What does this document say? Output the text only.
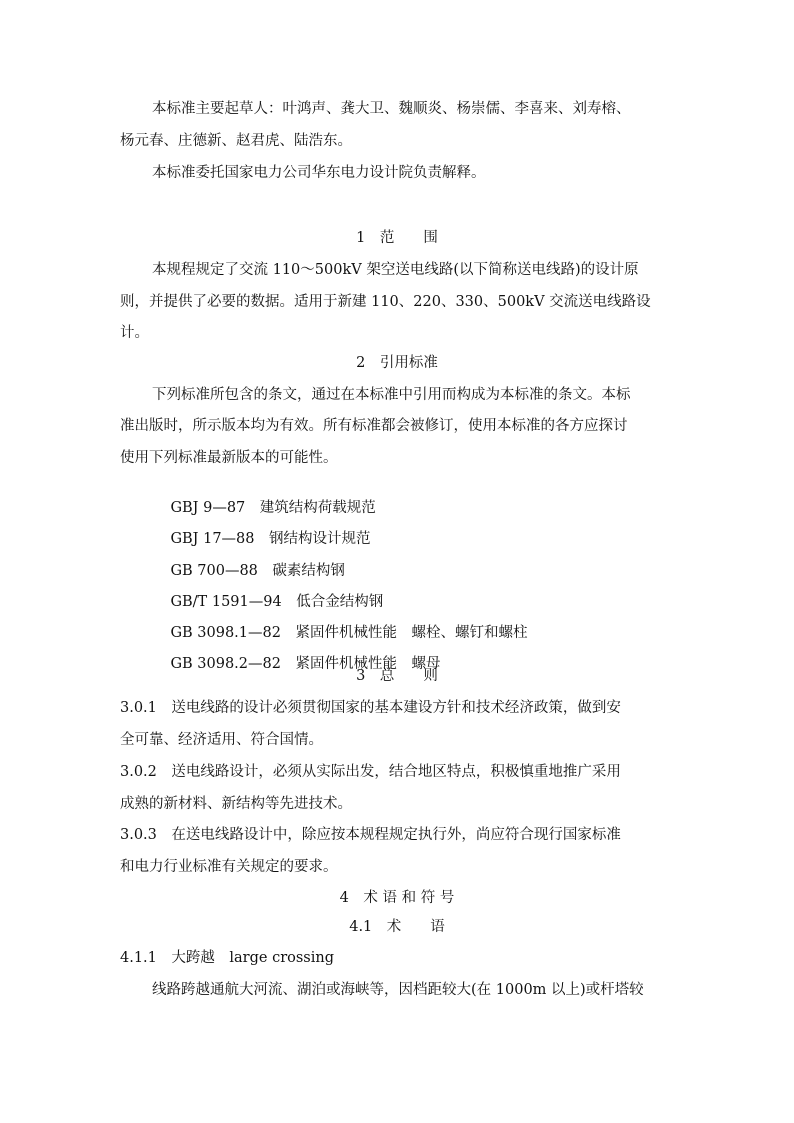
本标准主要起草人：叶鸿声、龚大卫、魏顺炎、杨崇儒、李喜来、刘寿榕、
杨元春、庄德新、赵君虎、陆浩东。
本标准委托国家电力公司华东电力设计院负责解释。
1　范　　围
本规程规定了交流 110～500kV 架空送电线路(以下简称送电线路)的设计原
则，并提供了必要的数据。适用于新建 110、220、330、500kV 交流送电线路设
计。
2　引用标准
下列标准所包含的条文，通过在本标准中引用而构成为本标准的条文。本标
准出版时，所示版本均为有效。所有标准都会被修订，使用本标准的各方应探讨
使用下列标准最新版本的可能性。

GBJ 9—87　 建筑结构荷载规范

GBJ 17—88　 钢结构设计规范

GB 700—88　 碳素结构钢

GB/T 1591—94　 低合金结构钢

GB 3098.1—82　 紧固件机械性能　螺栓、螺钉和螺柱

GB 3098.2—82　 紧固件机械性能　螺母

3　总　　则
3.0.1　送电线路的设计必须贯彻国家的基本建设方针和技术经济政策，做到安
全可靠、经济适用、符合国情。
3.0.2　送电线路设计，必须从实际出发，结合地区特点，积极慎重地推广采用
成熟的新材料、新结构等先进技术。
3.0.3　在送电线路设计中，除应按本规程规定执行外，尚应符合现行国家标准
和电力行业标准有关规定的要求。
4　术 语 和 符 号
4.1　术　　语
4.1.1　大跨越　large crossing
线路跨越通航大河流、湖泊或海峡等，因档距较大(在 1000m 以上)或杆塔较
